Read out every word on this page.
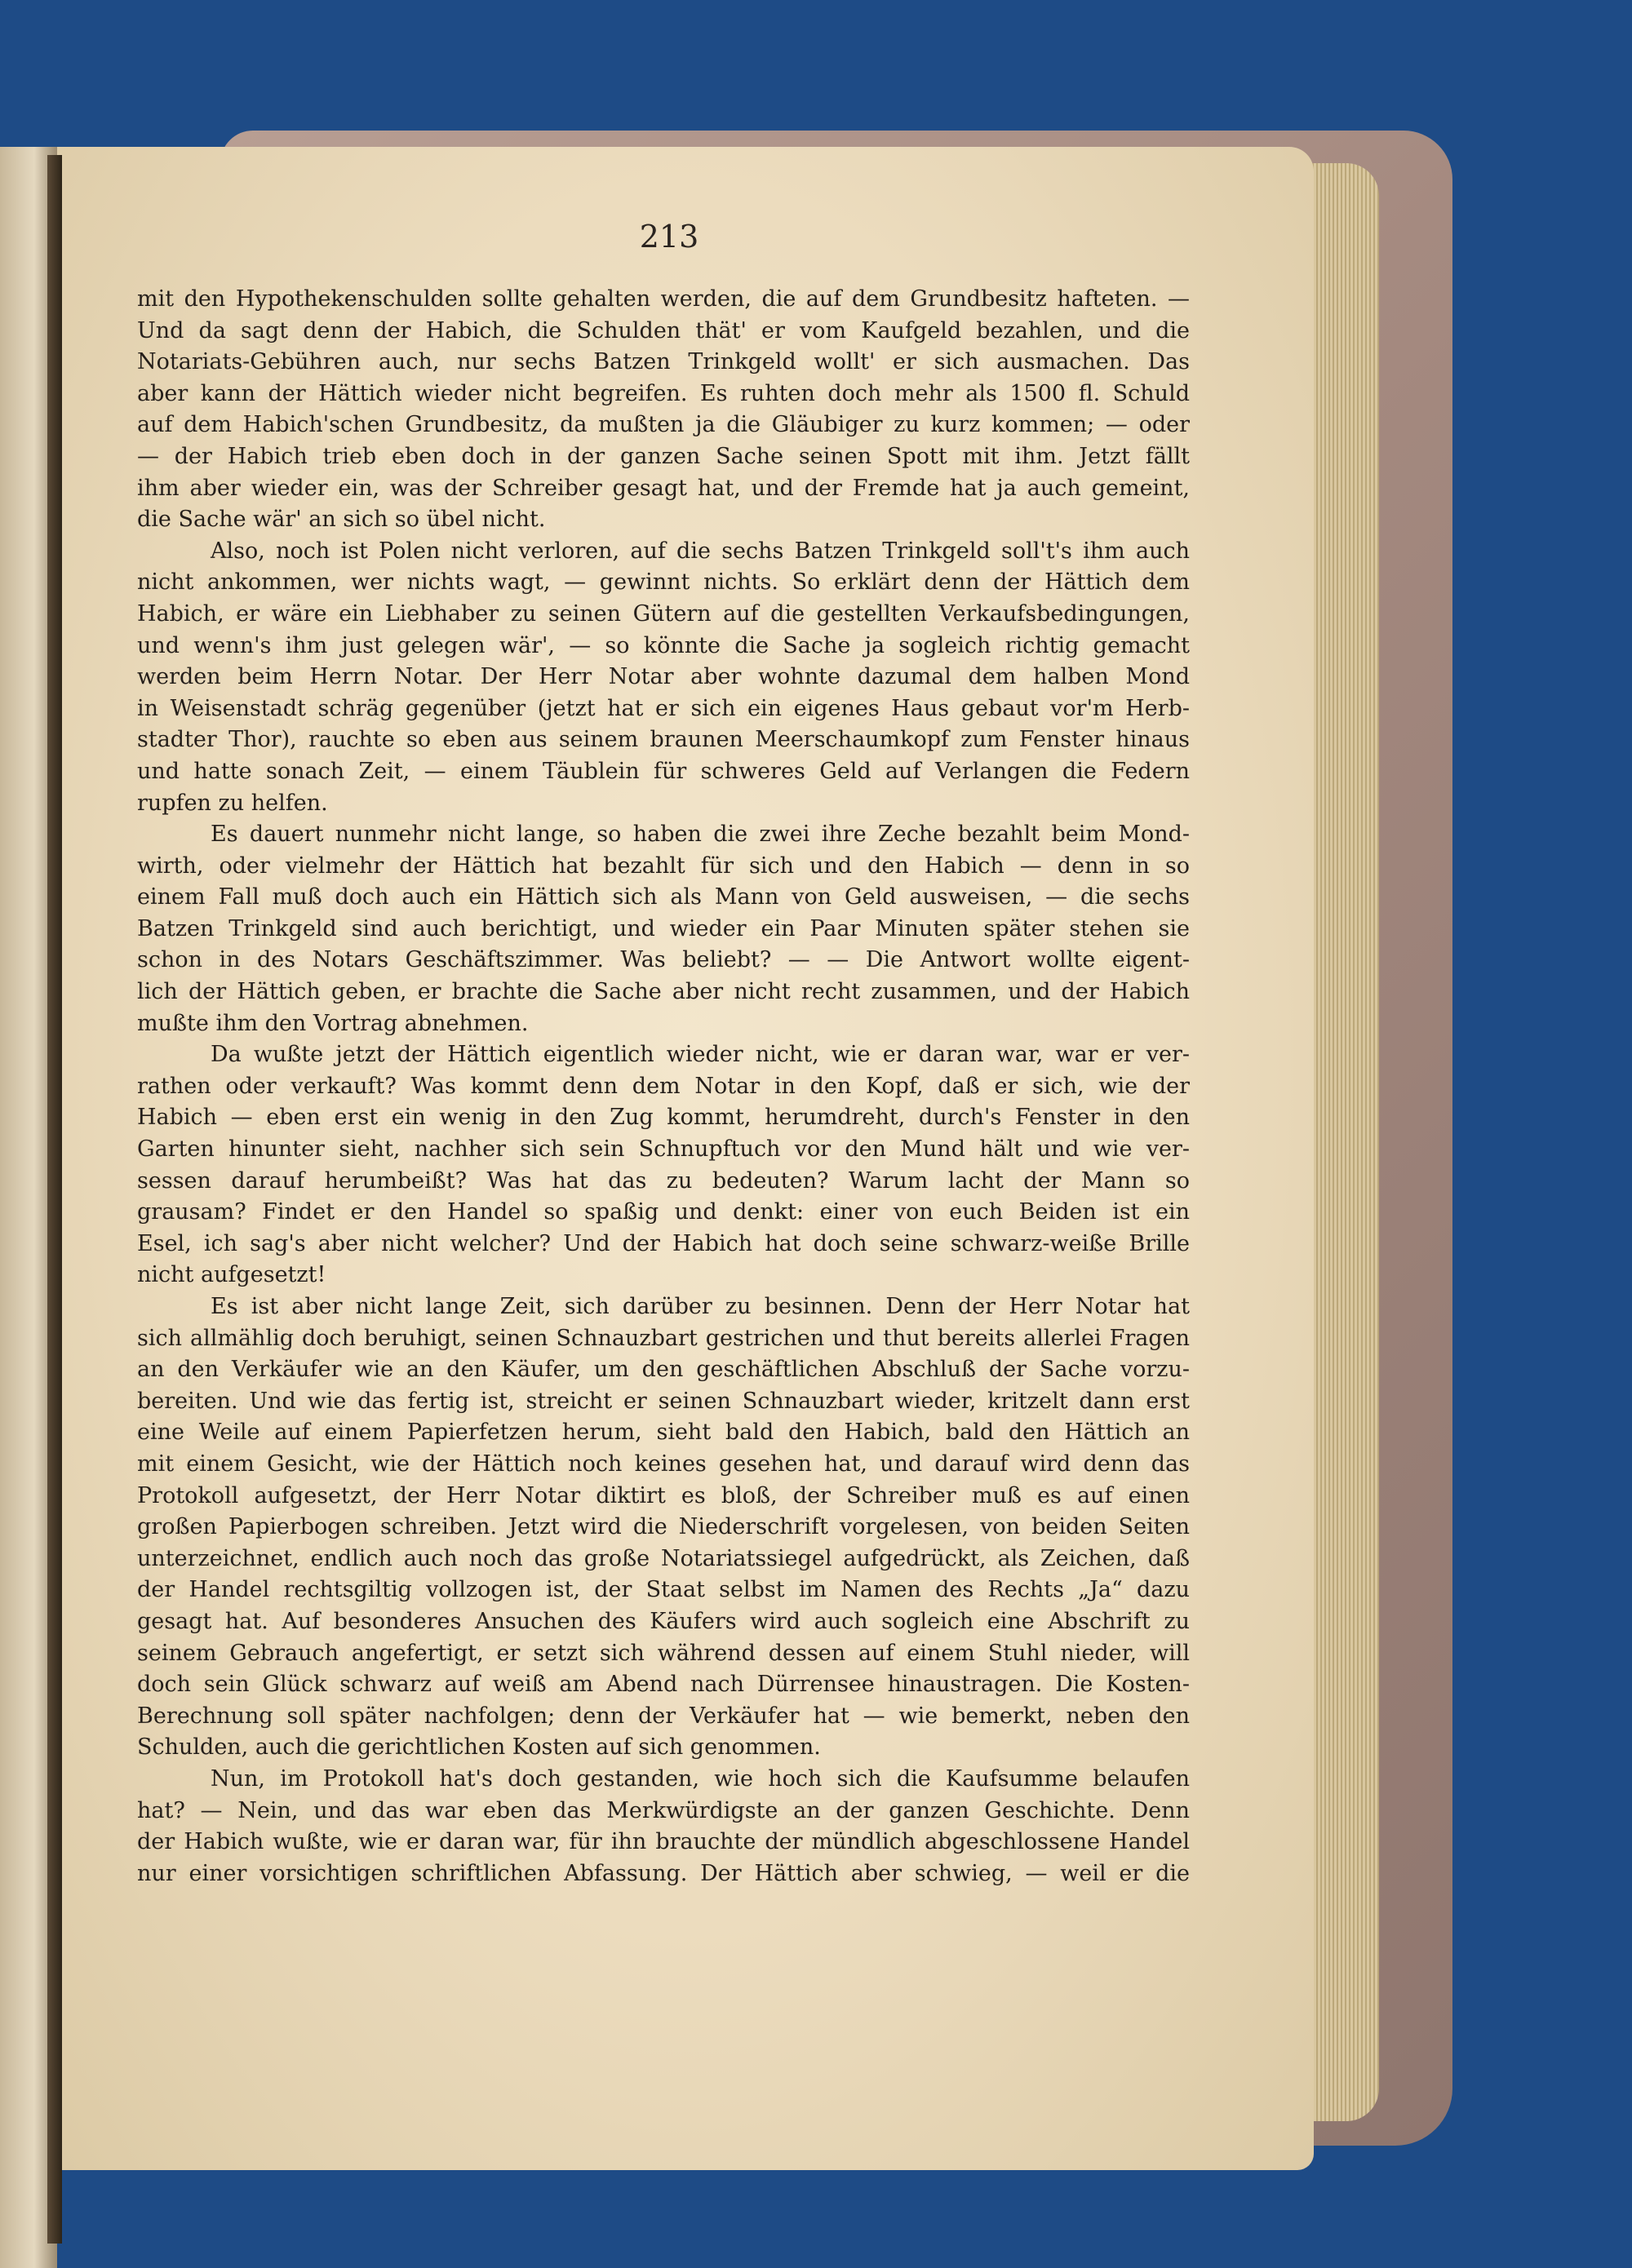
213
mit den Hypothekenschulden sollte gehalten werden, die auf dem Grundbesitz hafteten. —
Und da sagt denn der Habich, die Schulden thät' er vom Kaufgeld bezahlen, und die
Notariats-Gebühren auch, nur sechs Batzen Trinkgeld wollt' er sich ausmachen. Das
aber kann der Hättich wieder nicht begreifen. Es ruhten doch mehr als 1500 fl. Schuld
auf dem Habich'schen Grundbesitz, da mußten ja die Gläubiger zu kurz kommen; — oder
— der Habich trieb eben doch in der ganzen Sache seinen Spott mit ihm. Jetzt fällt
ihm aber wieder ein, was der Schreiber gesagt hat, und der Fremde hat ja auch gemeint,
die Sache wär' an sich so übel nicht.
Also, noch ist Polen nicht verloren, auf die sechs Batzen Trinkgeld soll't's ihm auch
nicht ankommen, wer nichts wagt, — gewinnt nichts. So erklärt denn der Hättich dem
Habich, er wäre ein Liebhaber zu seinen Gütern auf die gestellten Verkaufsbedingungen,
und wenn's ihm just gelegen wär', — so könnte die Sache ja sogleich richtig gemacht
werden beim Herrn Notar. Der Herr Notar aber wohnte dazumal dem halben Mond
in Weisenstadt schräg gegenüber (jetzt hat er sich ein eigenes Haus gebaut vor'm Herb-
stadter Thor), rauchte so eben aus seinem braunen Meerschaumkopf zum Fenster hinaus
und hatte sonach Zeit, — einem Täublein für schweres Geld auf Verlangen die Federn
rupfen zu helfen.
Es dauert nunmehr nicht lange, so haben die zwei ihre Zeche bezahlt beim Mond-
wirth, oder vielmehr der Hättich hat bezahlt für sich und den Habich — denn in so
einem Fall muß doch auch ein Hättich sich als Mann von Geld ausweisen, — die sechs
Batzen Trinkgeld sind auch berichtigt, und wieder ein Paar Minuten später stehen sie
schon in des Notars Geschäftszimmer. Was beliebt? — — Die Antwort wollte eigent-
lich der Hättich geben, er brachte die Sache aber nicht recht zusammen, und der Habich
mußte ihm den Vortrag abnehmen.
Da wußte jetzt der Hättich eigentlich wieder nicht, wie er daran war, war er ver-
rathen oder verkauft? Was kommt denn dem Notar in den Kopf, daß er sich, wie der
Habich — eben erst ein wenig in den Zug kommt, herumdreht, durch's Fenster in den
Garten hinunter sieht, nachher sich sein Schnupftuch vor den Mund hält und wie ver-
sessen darauf herumbeißt? Was hat das zu bedeuten? Warum lacht der Mann so
grausam? Findet er den Handel so spaßig und denkt: einer von euch Beiden ist ein
Esel, ich sag's aber nicht welcher? Und der Habich hat doch seine schwarz-weiße Brille
nicht aufgesetzt!
Es ist aber nicht lange Zeit, sich darüber zu besinnen. Denn der Herr Notar hat
sich allmählig doch beruhigt, seinen Schnauzbart gestrichen und thut bereits allerlei Fragen
an den Verkäufer wie an den Käufer, um den geschäftlichen Abschluß der Sache vorzu-
bereiten. Und wie das fertig ist, streicht er seinen Schnauzbart wieder, kritzelt dann erst
eine Weile auf einem Papierfetzen herum, sieht bald den Habich, bald den Hättich an
mit einem Gesicht, wie der Hättich noch keines gesehen hat, und darauf wird denn das
Protokoll aufgesetzt, der Herr Notar diktirt es bloß, der Schreiber muß es auf einen
großen Papierbogen schreiben. Jetzt wird die Niederschrift vorgelesen, von beiden Seiten
unterzeichnet, endlich auch noch das große Notariatssiegel aufgedrückt, als Zeichen, daß
der Handel rechtsgiltig vollzogen ist, der Staat selbst im Namen des Rechts „Ja“ dazu
gesagt hat. Auf besonderes Ansuchen des Käufers wird auch sogleich eine Abschrift zu
seinem Gebrauch angefertigt, er setzt sich während dessen auf einem Stuhl nieder, will
doch sein Glück schwarz auf weiß am Abend nach Dürrensee hinaustragen. Die Kosten-
Berechnung soll später nachfolgen; denn der Verkäufer hat — wie bemerkt, neben den
Schulden, auch die gerichtlichen Kosten auf sich genommen.
Nun, im Protokoll hat's doch gestanden, wie hoch sich die Kaufsumme belaufen
hat? — Nein, und das war eben das Merkwürdigste an der ganzen Geschichte. Denn
der Habich wußte, wie er daran war, für ihn brauchte der mündlich abgeschlossene Handel
nur einer vorsichtigen schriftlichen Abfassung. Der Hättich aber schwieg, — weil er die
